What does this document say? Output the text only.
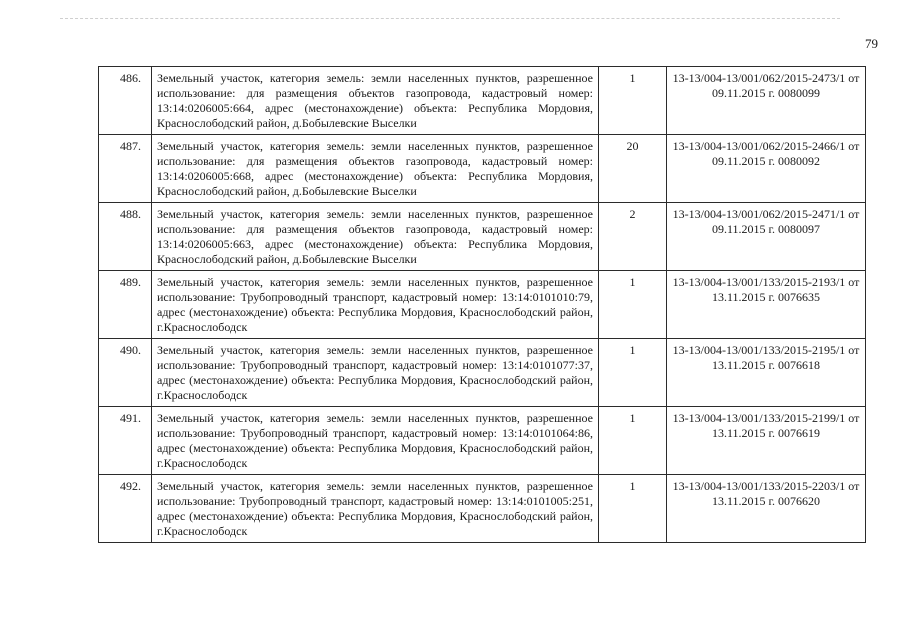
79
486.	Земельный участок, категория земель: земли населенных пунктов, разрешенное использование: для размещения объектов газопровода, кадастровый номер: 13:14:0206005:664, адрес (местонахождение) объекта: Республика Мордовия, Краснослободский район, д.Бобылевские Выселки	1	13-13/004-13/001/062/2015-2473/1 от 09.11.2015 г. 0080099
487.	Земельный участок, категория земель: земли населенных пунктов, разрешенное использование: для размещения объектов газопровода, кадастровый номер: 13:14:0206005:668, адрес (местонахождение) объекта: Республика Мордовия, Краснослободский район, д.Бобылевские Выселки	20	13-13/004-13/001/062/2015-2466/1 от 09.11.2015 г. 0080092
488.	Земельный участок, категория земель: земли населенных пунктов, разрешенное использование: для размещения объектов газопровода, кадастровый номер: 13:14:0206005:663, адрес (местонахождение) объекта: Республика Мордовия, Краснослободский район, д.Бобылевские Выселки	2	13-13/004-13/001/062/2015-2471/1 от 09.11.2015 г. 0080097
489.	Земельный участок, категория земель: земли населенных пунктов, разрешенное использование: Трубопроводный транспорт, кадастровый номер: 13:14:0101010:79, адрес (местонахождение) объекта: Республика Мордовия, Краснослободский район, г.Краснослободск	1	13-13/004-13/001/133/2015-2193/1 от 13.11.2015 г. 0076635
490.	Земельный участок, категория земель: земли населенных пунктов, разрешенное использование: Трубопроводный транспорт, кадастровый номер: 13:14:0101077:37, адрес (местонахождение) объекта: Республика Мордовия, Краснослободский район, г.Краснослободск	1	13-13/004-13/001/133/2015-2195/1 от 13.11.2015 г. 0076618
491.	Земельный участок, категория земель: земли населенных пунктов, разрешенное использование: Трубопроводный транспорт, кадастровый номер: 13:14:0101064:86, адрес (местонахождение) объекта: Республика Мордовия, Краснослободский район, г.Краснослободск	1	13-13/004-13/001/133/2015-2199/1 от 13.11.2015 г. 0076619
492.	Земельный участок, категория земель: земли населенных пунктов, разрешенное использование: Трубопроводный транспорт, кадастровый номер: 13:14:0101005:251, адрес (местонахождение) объекта: Республика Мордовия, Краснослободский район, г.Краснослободск	1	13-13/004-13/001/133/2015-2203/1 от 13.11.2015 г. 0076620
